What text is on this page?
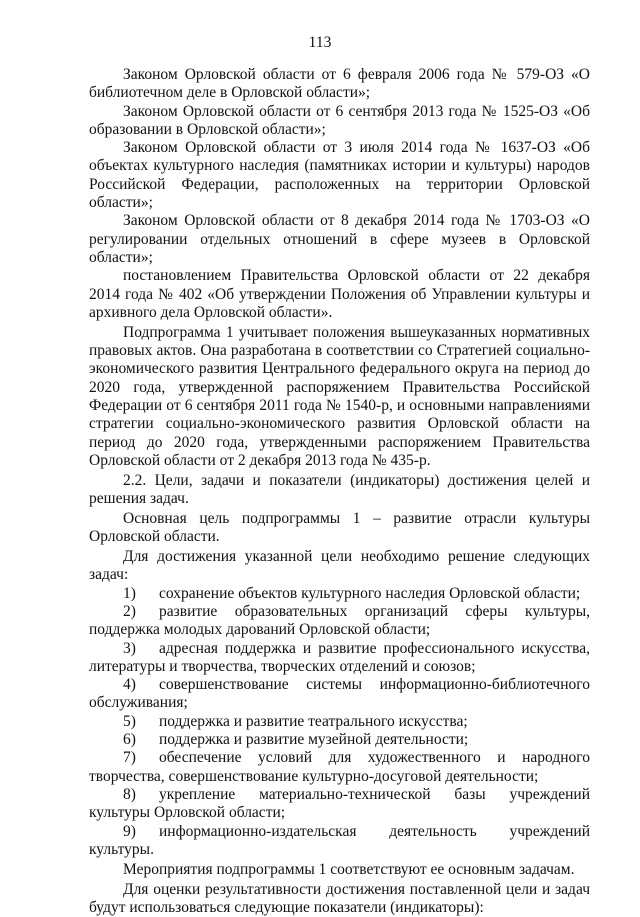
113

Законом Орловской области от 6 февраля 2006 года № 579-ОЗ «О библиотечном деле в Орловской области»;

Законом Орловской области от 6 сентября 2013 года № 1525-ОЗ «Об образовании в Орловской области»;

Законом Орловской области от 3 июля 2014 года № 1637-ОЗ «Об объектах культурного наследия (памятниках истории и культуры) народов Российской Федерации, расположенных на территории Орловской области»;

Законом Орловской области от 8 декабря 2014 года № 1703-ОЗ «О регулировании отдельных отношений в сфере музеев в Орловской области»;

постановлением Правительства Орловской области от 22 декабря 2014 года № 402 «Об утверждении Положения об Управлении культуры и архивного дела Орловской области».

Подпрограмма 1 учитывает положения вышеуказанных нормативных правовых актов. Она разработана в соответствии со Стратегией социально-экономического развития Центрального федерального округа на период до 2020 года, утвержденной распоряжением Правительства Российской Федерации от 6 сентября 2011 года № 1540-р, и основными направлениями стратегии социально-экономического развития Орловской области на период до 2020 года, утвержденными распоряжением Правительства Орловской области от 2 декабря 2013 года № 435-р.

2.2. Цели, задачи и показатели (индикаторы) достижения целей и решения задач.

Основная цель подпрограммы 1 – развитие отрасли культуры Орловской области.

Для достижения указанной цели необходимо решение следующих задач:

1) сохранение объектов культурного наследия Орловской области;

2) развитие образовательных организаций сферы культуры, поддержка молодых дарований Орловской области;

3) адресная поддержка и развитие профессионального искусства, литературы и творчества, творческих отделений и союзов;

4) совершенствование системы информационно-библиотечного обслуживания;

5) поддержка и развитие театрального искусства;

6) поддержка и развитие музейной деятельности;

7) обеспечение условий для художественного и народного творчества, совершенствование культурно-досуговой деятельности;

8) укрепление материально-технической базы учреждений культуры Орловской области;

9) информационно-издательская деятельность учреждений культуры.

Мероприятия подпрограммы 1 соответствуют ее основным задачам.

Для оценки результативности достижения поставленной цели и задач будут использоваться следующие показатели (индикаторы):
